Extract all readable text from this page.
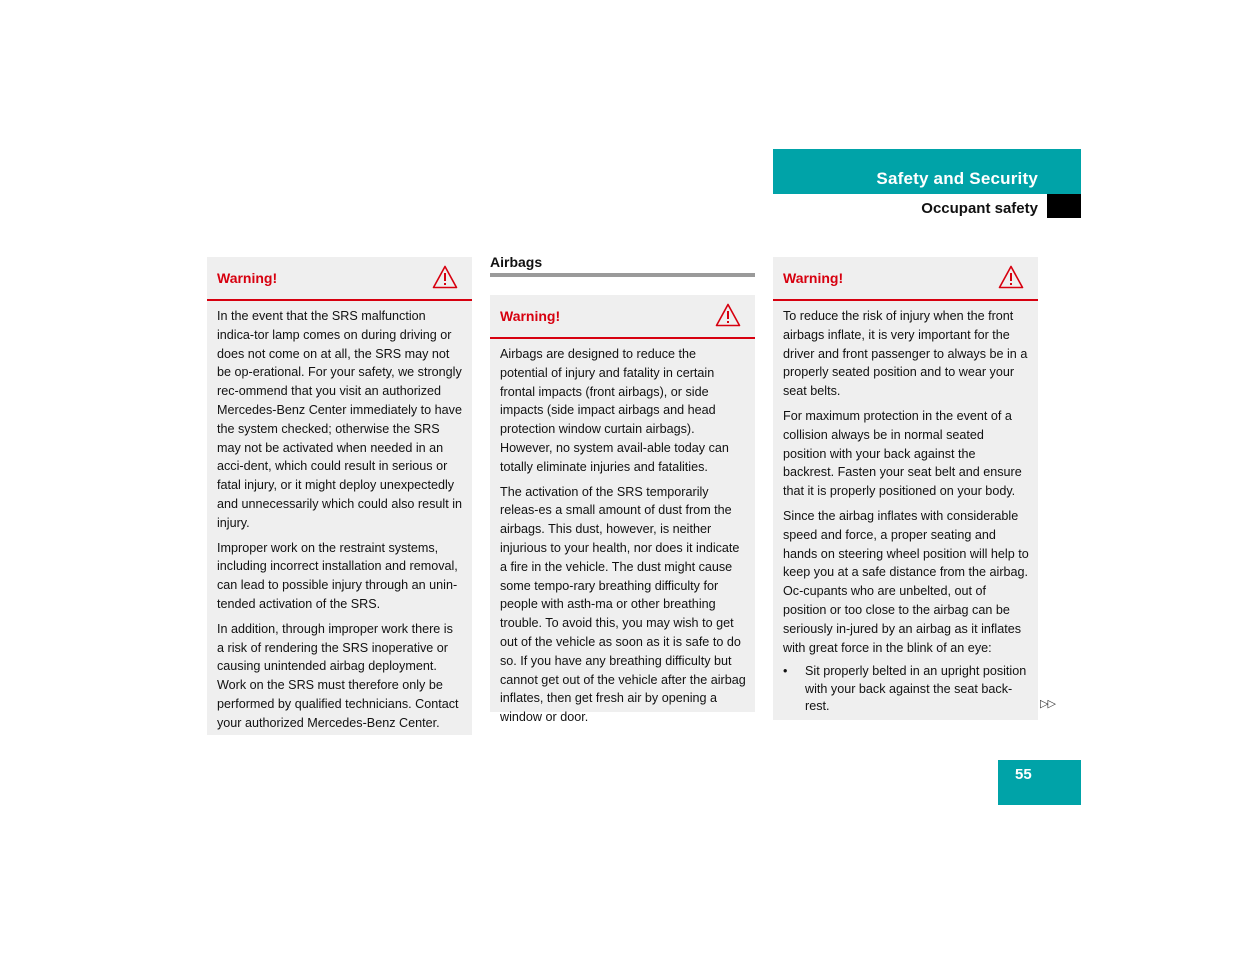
Safety and Security
Occupant safety
Warning!

In the event that the SRS malfunction indica-tor lamp comes on during driving or does not come on at all, the SRS may not be op-erational. For your safety, we strongly rec-ommend that you visit an authorized Mercedes-Benz Center immediately to have the system checked; otherwise the SRS may not be activated when needed in an acci-dent, which could result in serious or fatal injury, or it might deploy unexpectedly and unnecessarily which could also result in injury.

Improper work on the restraint systems, including incorrect installation and removal, can lead to possible injury through an unin-tended activation of the SRS.

In addition, through improper work there is a risk of rendering the SRS inoperative or causing unintended airbag deployment. Work on the SRS must therefore only be performed by qualified technicians. Contact your authorized Mercedes-Benz Center.

Airbags
Warning!

Airbags are designed to reduce the potential of injury and fatality in certain frontal impacts (front airbags), or side impacts (side impact airbags and head protection window curtain airbags). However, no system avail-able today can totally eliminate injuries and fatalities.

The activation of the SRS temporarily releas-es a small amount of dust from the airbags. This dust, however, is neither injurious to your health, nor does it indicate a fire in the vehicle. The dust might cause some tempo-rary breathing difficulty for people with asth-ma or other breathing trouble. To avoid this, you may wish to get out of the vehicle as soon as it is safe to do so. If you have any breathing difficulty but cannot get out of the vehicle after the airbag inflates, then get fresh air by opening a window or door.

Warning!

To reduce the risk of injury when the front airbags inflate, it is very important for the driver and front passenger to always be in a properly seated position and to wear your seat belts.

For maximum protection in the event of a collision always be in normal seated position with your back against the backrest. Fasten your seat belt and ensure that it is properly positioned on your body.

Since the airbag inflates with considerable speed and force, a proper seating and hands on steering wheel position will help to keep you at a safe distance from the airbag. Oc-cupants who are unbelted, out of position or too close to the airbag can be seriously in-jured by an airbag as it inflates with great force in the blink of an eye:

•	Sit properly belted in an upright position with your back against the seat back-rest.	▷▷
55
